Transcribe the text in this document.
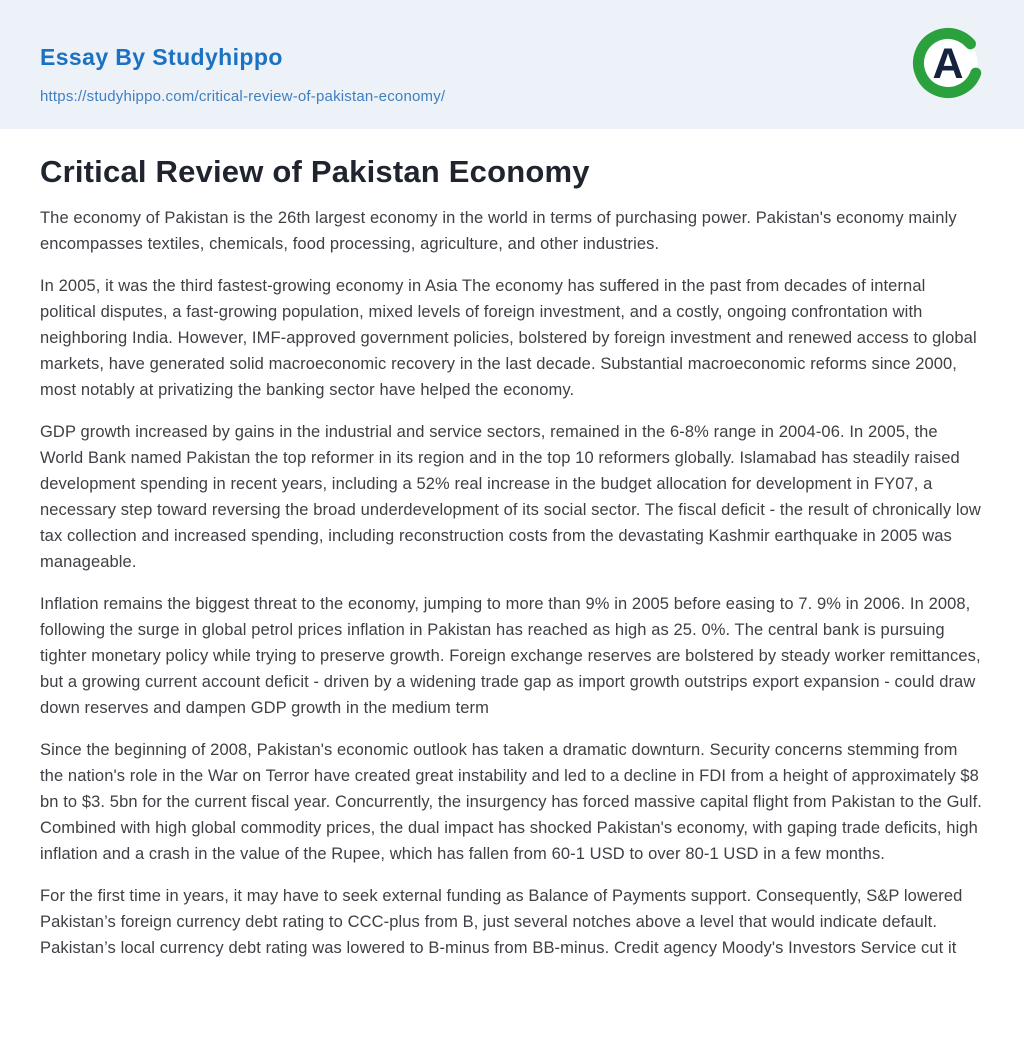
Essay By Studyhippo
https://studyhippo.com/critical-review-of-pakistan-economy/
A
Critical Review of Pakistan Economy

The economy of Pakistan is the 26th largest economy in the world in terms of purchasing power. Pakistan's economy mainly encompasses textiles, chemicals, food processing, agriculture, and other industries.

In 2005, it was the third fastest-growing economy in Asia The economy has suffered in the past from decades of internal political disputes, a fast-growing population, mixed levels of foreign investment, and a costly, ongoing confrontation with neighboring India. However, IMF-approved government policies, bolstered by foreign investment and renewed access to global markets, have generated solid macroeconomic recovery in the last decade. Substantial macroeconomic reforms since 2000, most notably at privatizing the banking sector have helped the economy.

GDP growth increased by gains in the industrial and service sectors, remained in the 6-8% range in 2004-06. In 2005, the World Bank named Pakistan the top reformer in its region and in the top 10 reformers globally. Islamabad has steadily raised development spending in recent years, including a 52% real increase in the budget allocation for development in FY07, a necessary step toward reversing the broad underdevelopment of its social sector. The fiscal deficit - the result of chronically low tax collection and increased spending, including reconstruction costs from the devastating Kashmir earthquake in 2005 was manageable.

Inflation remains the biggest threat to the economy, jumping to more than 9% in 2005 before easing to 7. 9% in 2006. In 2008, following the surge in global petrol prices inflation in Pakistan has reached as high as 25. 0%. The central bank is pursuing tighter monetary policy while trying to preserve growth. Foreign exchange reserves are bolstered by steady worker remittances, but a growing current account deficit - driven by a widening trade gap as import growth outstrips export expansion - could draw down reserves and dampen GDP growth in the medium term

Since the beginning of 2008, Pakistan's economic outlook has taken a dramatic downturn. Security concerns stemming from the nation's role in the War on Terror have created great instability and led to a decline in FDI from a height of approximately $8 bn to $3. 5bn for the current fiscal year. Concurrently, the insurgency has forced massive capital flight from Pakistan to the Gulf. Combined with high global commodity prices, the dual impact has shocked Pakistan's economy, with gaping trade deficits, high inflation and a crash in the value of the Rupee, which has fallen from 60-1 USD to over 80-1 USD in a few months.

For the first time in years, it may have to seek external funding as Balance of Payments support. Consequently, S&P lowered Pakistan’s foreign currency debt rating to CCC-plus from B, just several notches above a level that would indicate default. Pakistan’s local currency debt rating was lowered to B-minus from BB-minus. Credit agency Moody's Investors Service cut it
